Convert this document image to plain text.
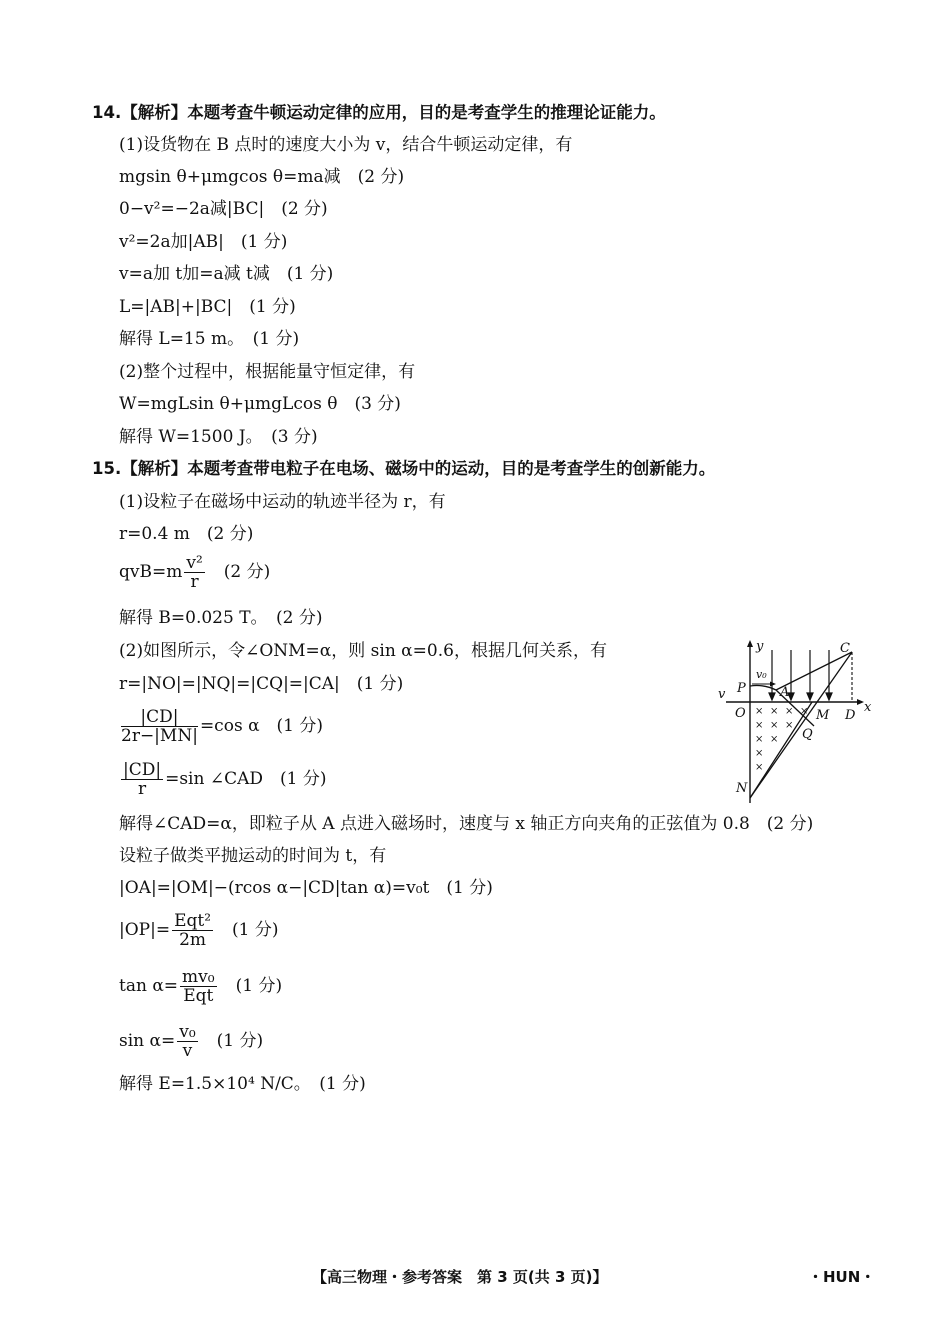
14.【解析】本题考查牛顿运动定律的应用，目的是考查学生的推理论证能力。
(1)设货物在 B 点时的速度大小为 v，结合牛顿运动定律，有
mgsin θ+μmgcos θ=ma减　(2 分)
0−v²=−2a减|BC|　(2 分)
v²=2a加|AB|　(1 分)
v=a加 t加=a减 t减　(1 分)
L=|AB|+|BC|　(1 分)
解得 L=15 m。　(1 分)
(2)整个过程中，根据能量守恒定律，有
W=mgLsin θ+μmgLcos θ　(3 分)
解得 W=1500 J。　(3 分)
15.【解析】本题考查带电粒子在电场、磁场中的运动，目的是考查学生的创新能力。
(1)设粒子在磁场中运动的轨迹半径为 r，有
r=0.4 m　(2 分)
$qvB=m \frac{\text{v²}}{r}$
　 (2 分)
解得 B=0.025 T。　(2 分)
(2)如图所示，令∠ONM=α，则 sin α=0.6，根据几何关系，有
r=|NO|=|NQ|=|CQ|=|CA|　(1 分)
$\frac{|CD|}{2r-|MN|} =\cos$ α　 (1 分)
$\frac{|CD|}{r} =\sin$ ∠CAD　 (1 分)
解得∠CAD=α，即粒子从 A 点进入磁场时，速度与 x 轴正方向夹角的正弦值为 0.8　(2 分)
设粒子做类平抛运动的时间为 t，有
|OA|=|OM|−(rcos α−|CD|tan α)=v₀t　(1 分)
$|OP|= \frac{\text{Eqt²}}{2m}$
　 (1 分)
$\tan \alpha= \frac{\text{mv₀}}{\text{Eqt}}$
　 (1 分)
$\sin \alpha= \frac{\text{v₀}}{v}$
　 (1 分)
解得 E=1.5×10⁴ N/C。　(1 分)
× × × ×
× × ×
× ×
×
×
y
v₀
C
P	A
v
O	M D
x
Q
N
【高三物理・参考答案　第 3 页(共 3 页)】	・HUN・
